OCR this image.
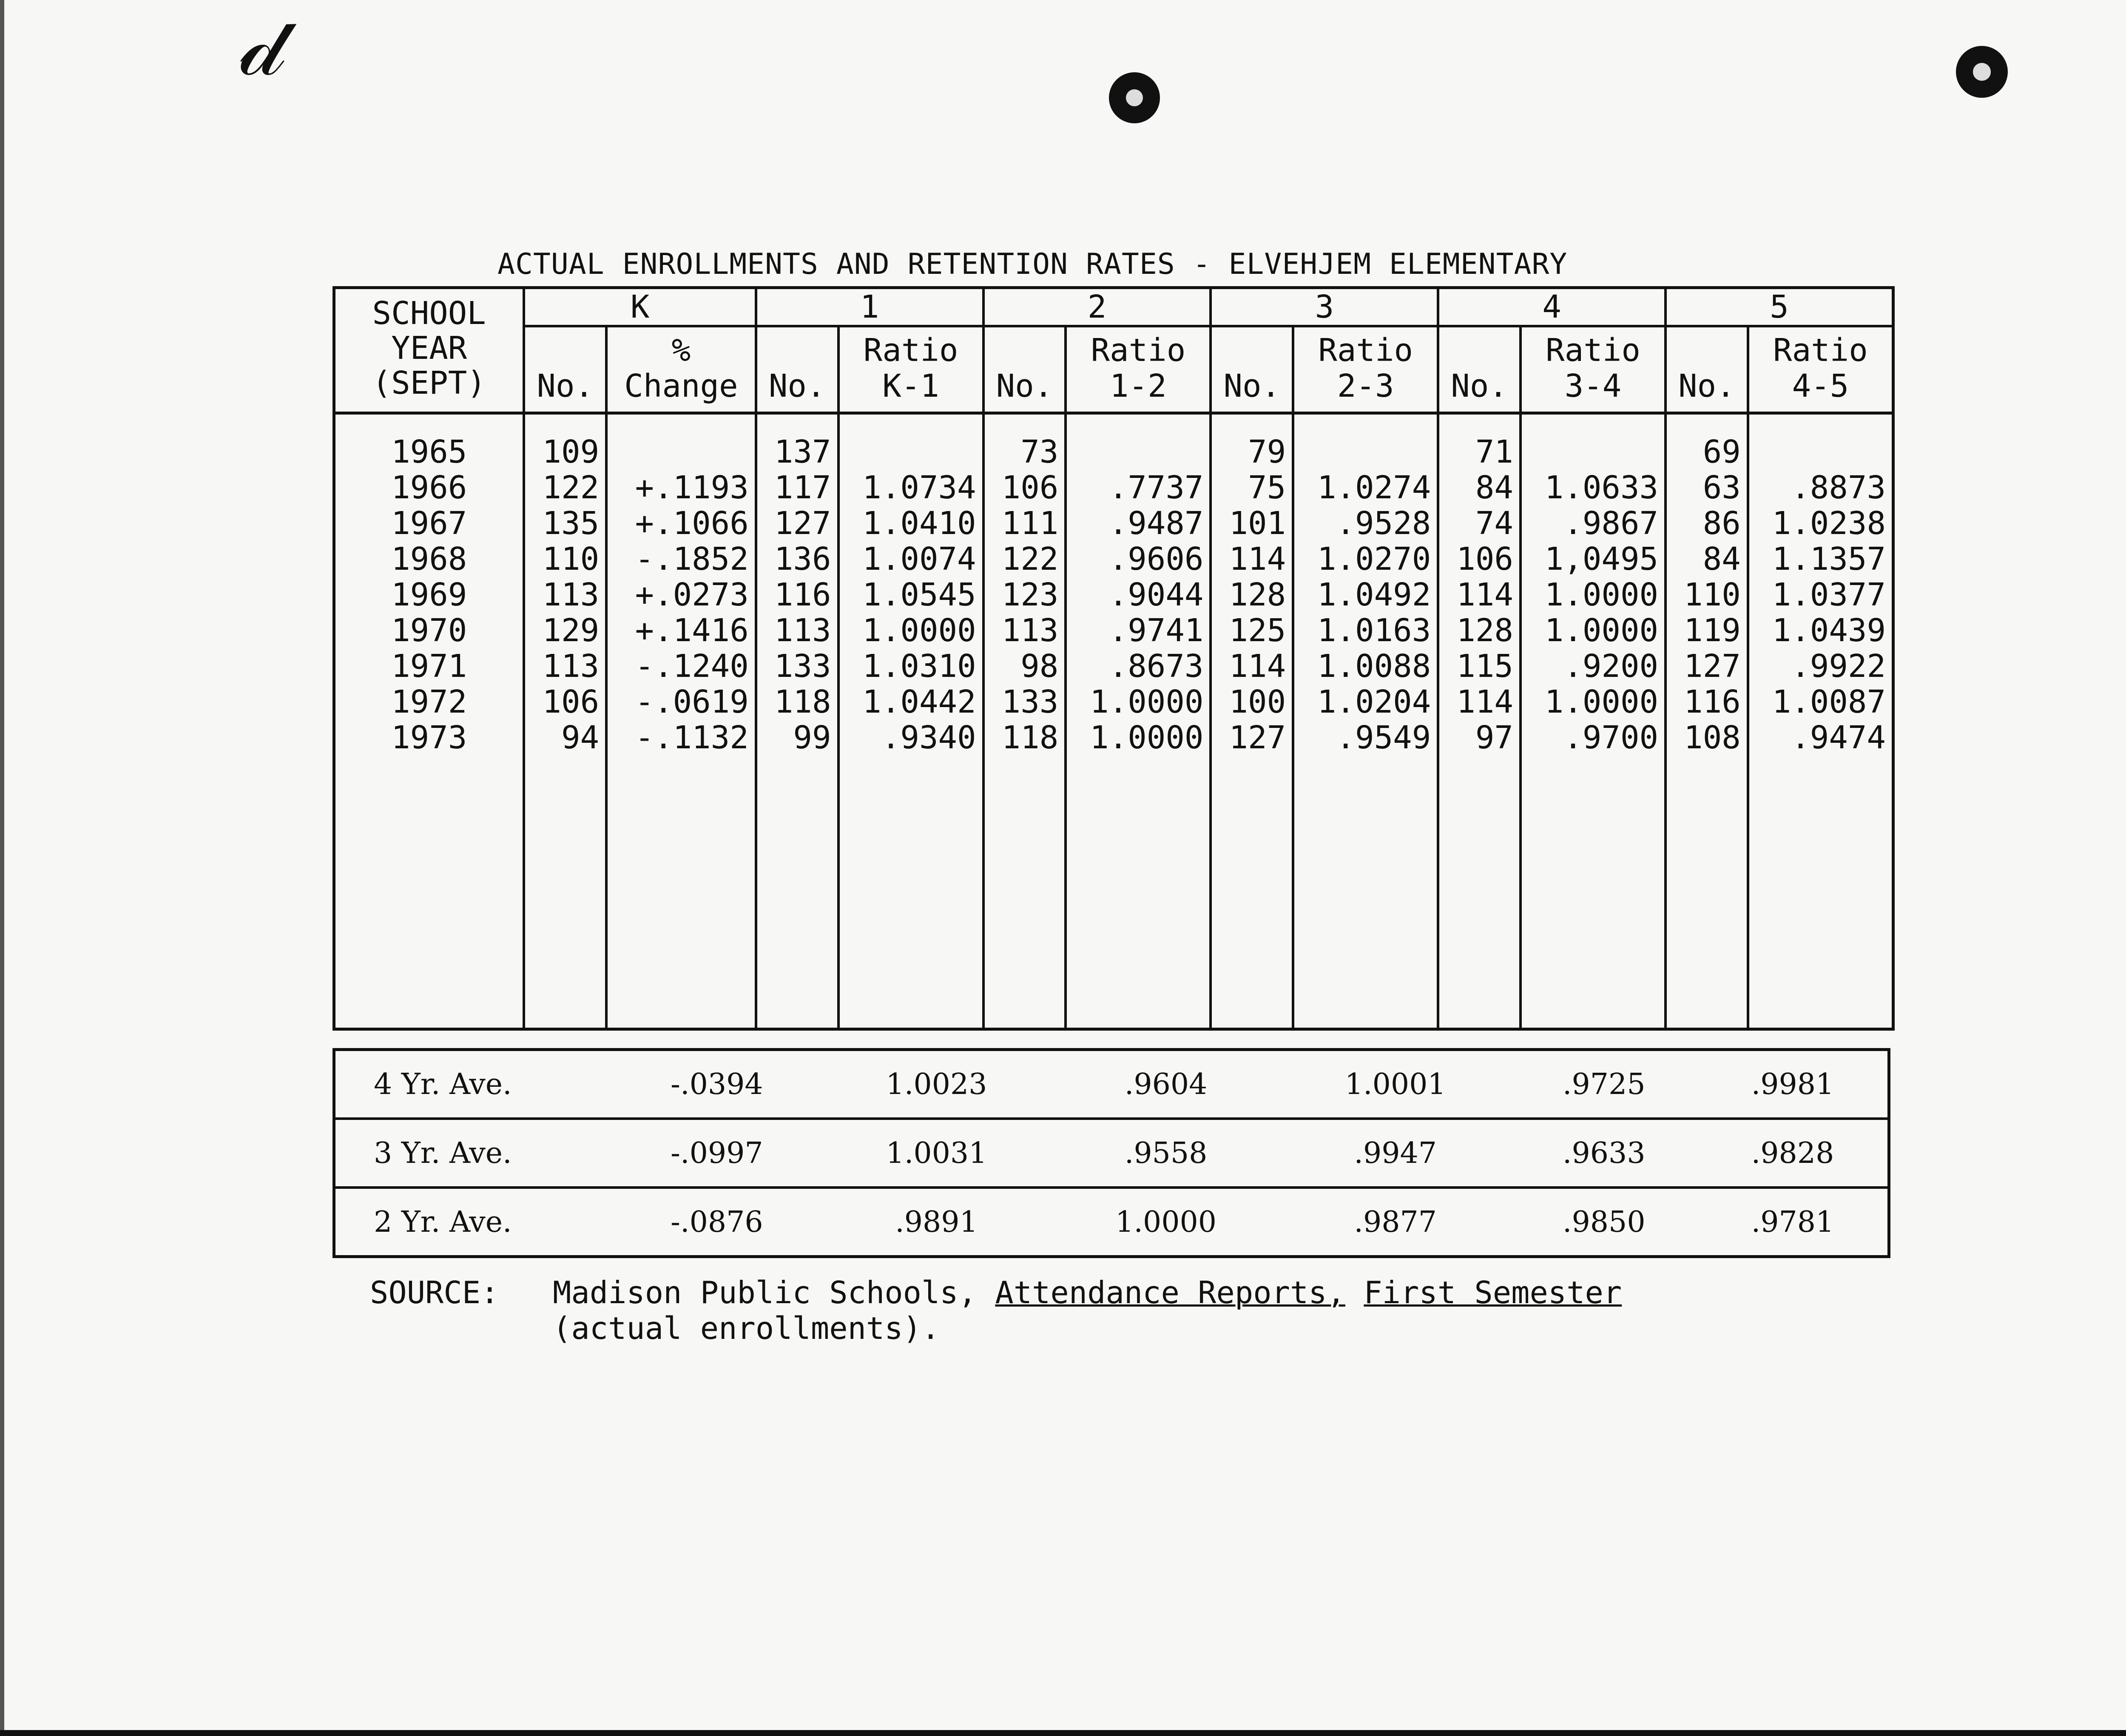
𝒹
ACTUAL ENROLLMENTS AND RETENTION RATES - ELVEHJEM ELEMENTARY
SCHOOL
YEAR
(SEPT)	K		1		2		3		4		5	
	No.	% Change	No.	Ratio K-1	No.	Ratio 1-2	No.	Ratio 2-3	No.	Ratio 3-4	No.	Ratio 4-5
1965	109		137		73		79		71		69	
1966	122	+.1193	117	1.0734	106	.7737	75	1.0274	84	1.0633	63	.8873
1967	135	+.1066	127	1.0410	111	.9487	101	.9528	74	.9867	86	1.0238
1968	110	-.1852	136	1.0074	122	.9606	114	1.0270	106	1,0495	84	1.1357
1969	113	+.0273	116	1.0545	123	.9044	128	1.0492	114	1.0000	110	1.0377
1970	129	+.1416	113	1.0000	113	.9741	125	1.0163	128	1.0000	119	1.0439
1971	113	-.1240	133	1.0310	98	.8673	114	1.0088	115	.9200	127	.9922
1972	106	-.0619	118	1.0442	133	1.0000	100	1.0204	114	1.0000	116	1.0087
1973	94	-.1132	99	.9340	118	1.0000	127	.9549	97	.9700	108	.9474

4 Yr. Ave.	-.0394	1.0023	.9604	1.0001	.9725	.9981
3 Yr. Ave.	-.0997	1.0031	.9558	.9947	.9633	.9828
2 Yr. Ave.	-.0876	.9891	1.0000	.9877	.9850	.9781
SOURCE: Madison Public Schools, Attendance Reports, First Semester
(actual enrollments).
